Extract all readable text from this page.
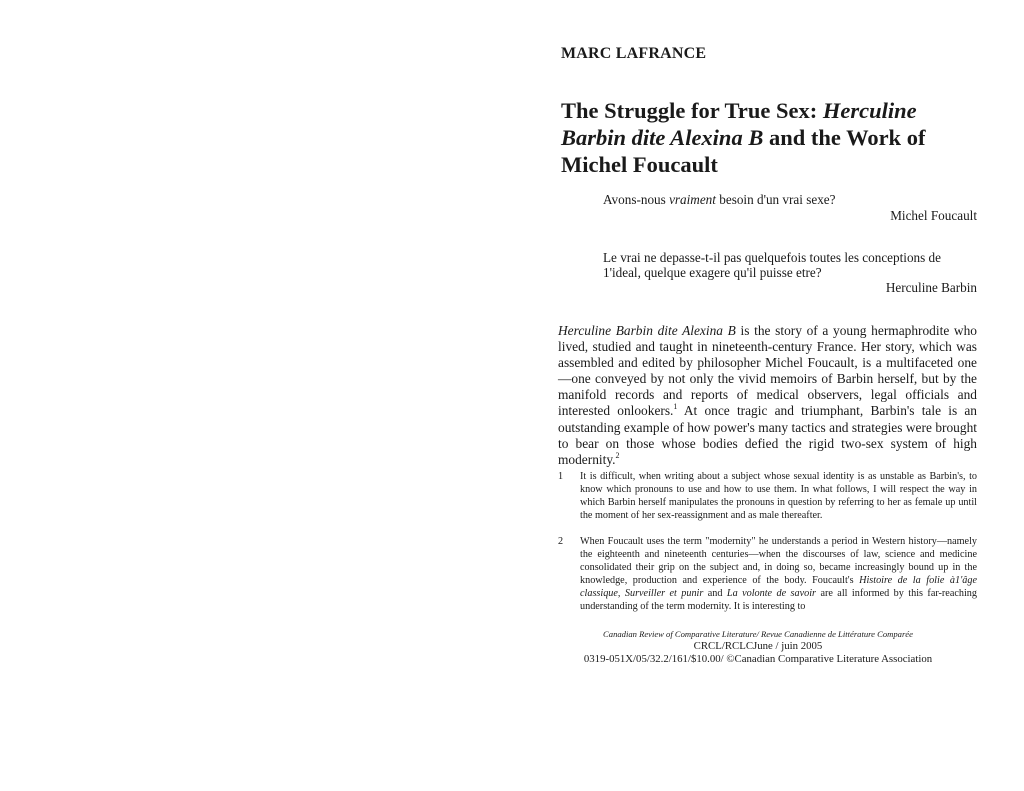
MARC LAFRANCE
The Struggle for True Sex: Herculine Barbin dite Alexina B and the Work of Michel Foucault
Avons-nous vraiment besoin d'un vrai sexe?
Michel Foucault
Le vrai ne depasse-t-il pas quelquefois toutes les conceptions de 1'ideal, quelque exagere qu'il puisse etre?
Herculine Barbin

Herculine Barbin dite Alexina B is the story of a young hermaphrodite who lived, studied and taught in nineteenth-century France. Her story, which was assembled and edited by philosopher Michel Foucault, is a multifaceted one—one conveyed by not only the vivid memoirs of Barbin herself, but by the manifold records and reports of medical observers, legal officials and interested onlookers.$^1$ At once tragic and triumphant, Barbin's tale is an outstanding example of how power's many tactics and strategies were brought to bear on those whose bodies defied the rigid two-sex system of high modernity.$^2$

1 It is difficult, when writing about a subject whose sexual identity is as unstable as Barbin's, to know which pronouns to use and how to use them. In what follows, I will respect the way in which Barbin herself manipulates the pronouns in question by referring to her as female up until the moment of her sex-reassignment and as male thereafter.
2 When Foucault uses the term "modernity" he understands a period in Western history—namely the eighteenth and nineteenth centuries—when the discourses of law, science and medicine consolidated their grip on the subject and, in doing so, became increasingly bound up in the knowledge, production and experience of the body. Foucault's Histoire de la folie à1'âge classique, Surveiller et punir and La volonte de savoir are all informed by this far-reaching understanding of the term modernity. It is interesting to
Canadian Review of Comparative Literature/ Revue Canadienne de Littérature Comparée
CRCL/RCLCJune / juin 2005
0319-051X/05/32.2/161/$10.00/ ©Canadian Comparative Literature Association
